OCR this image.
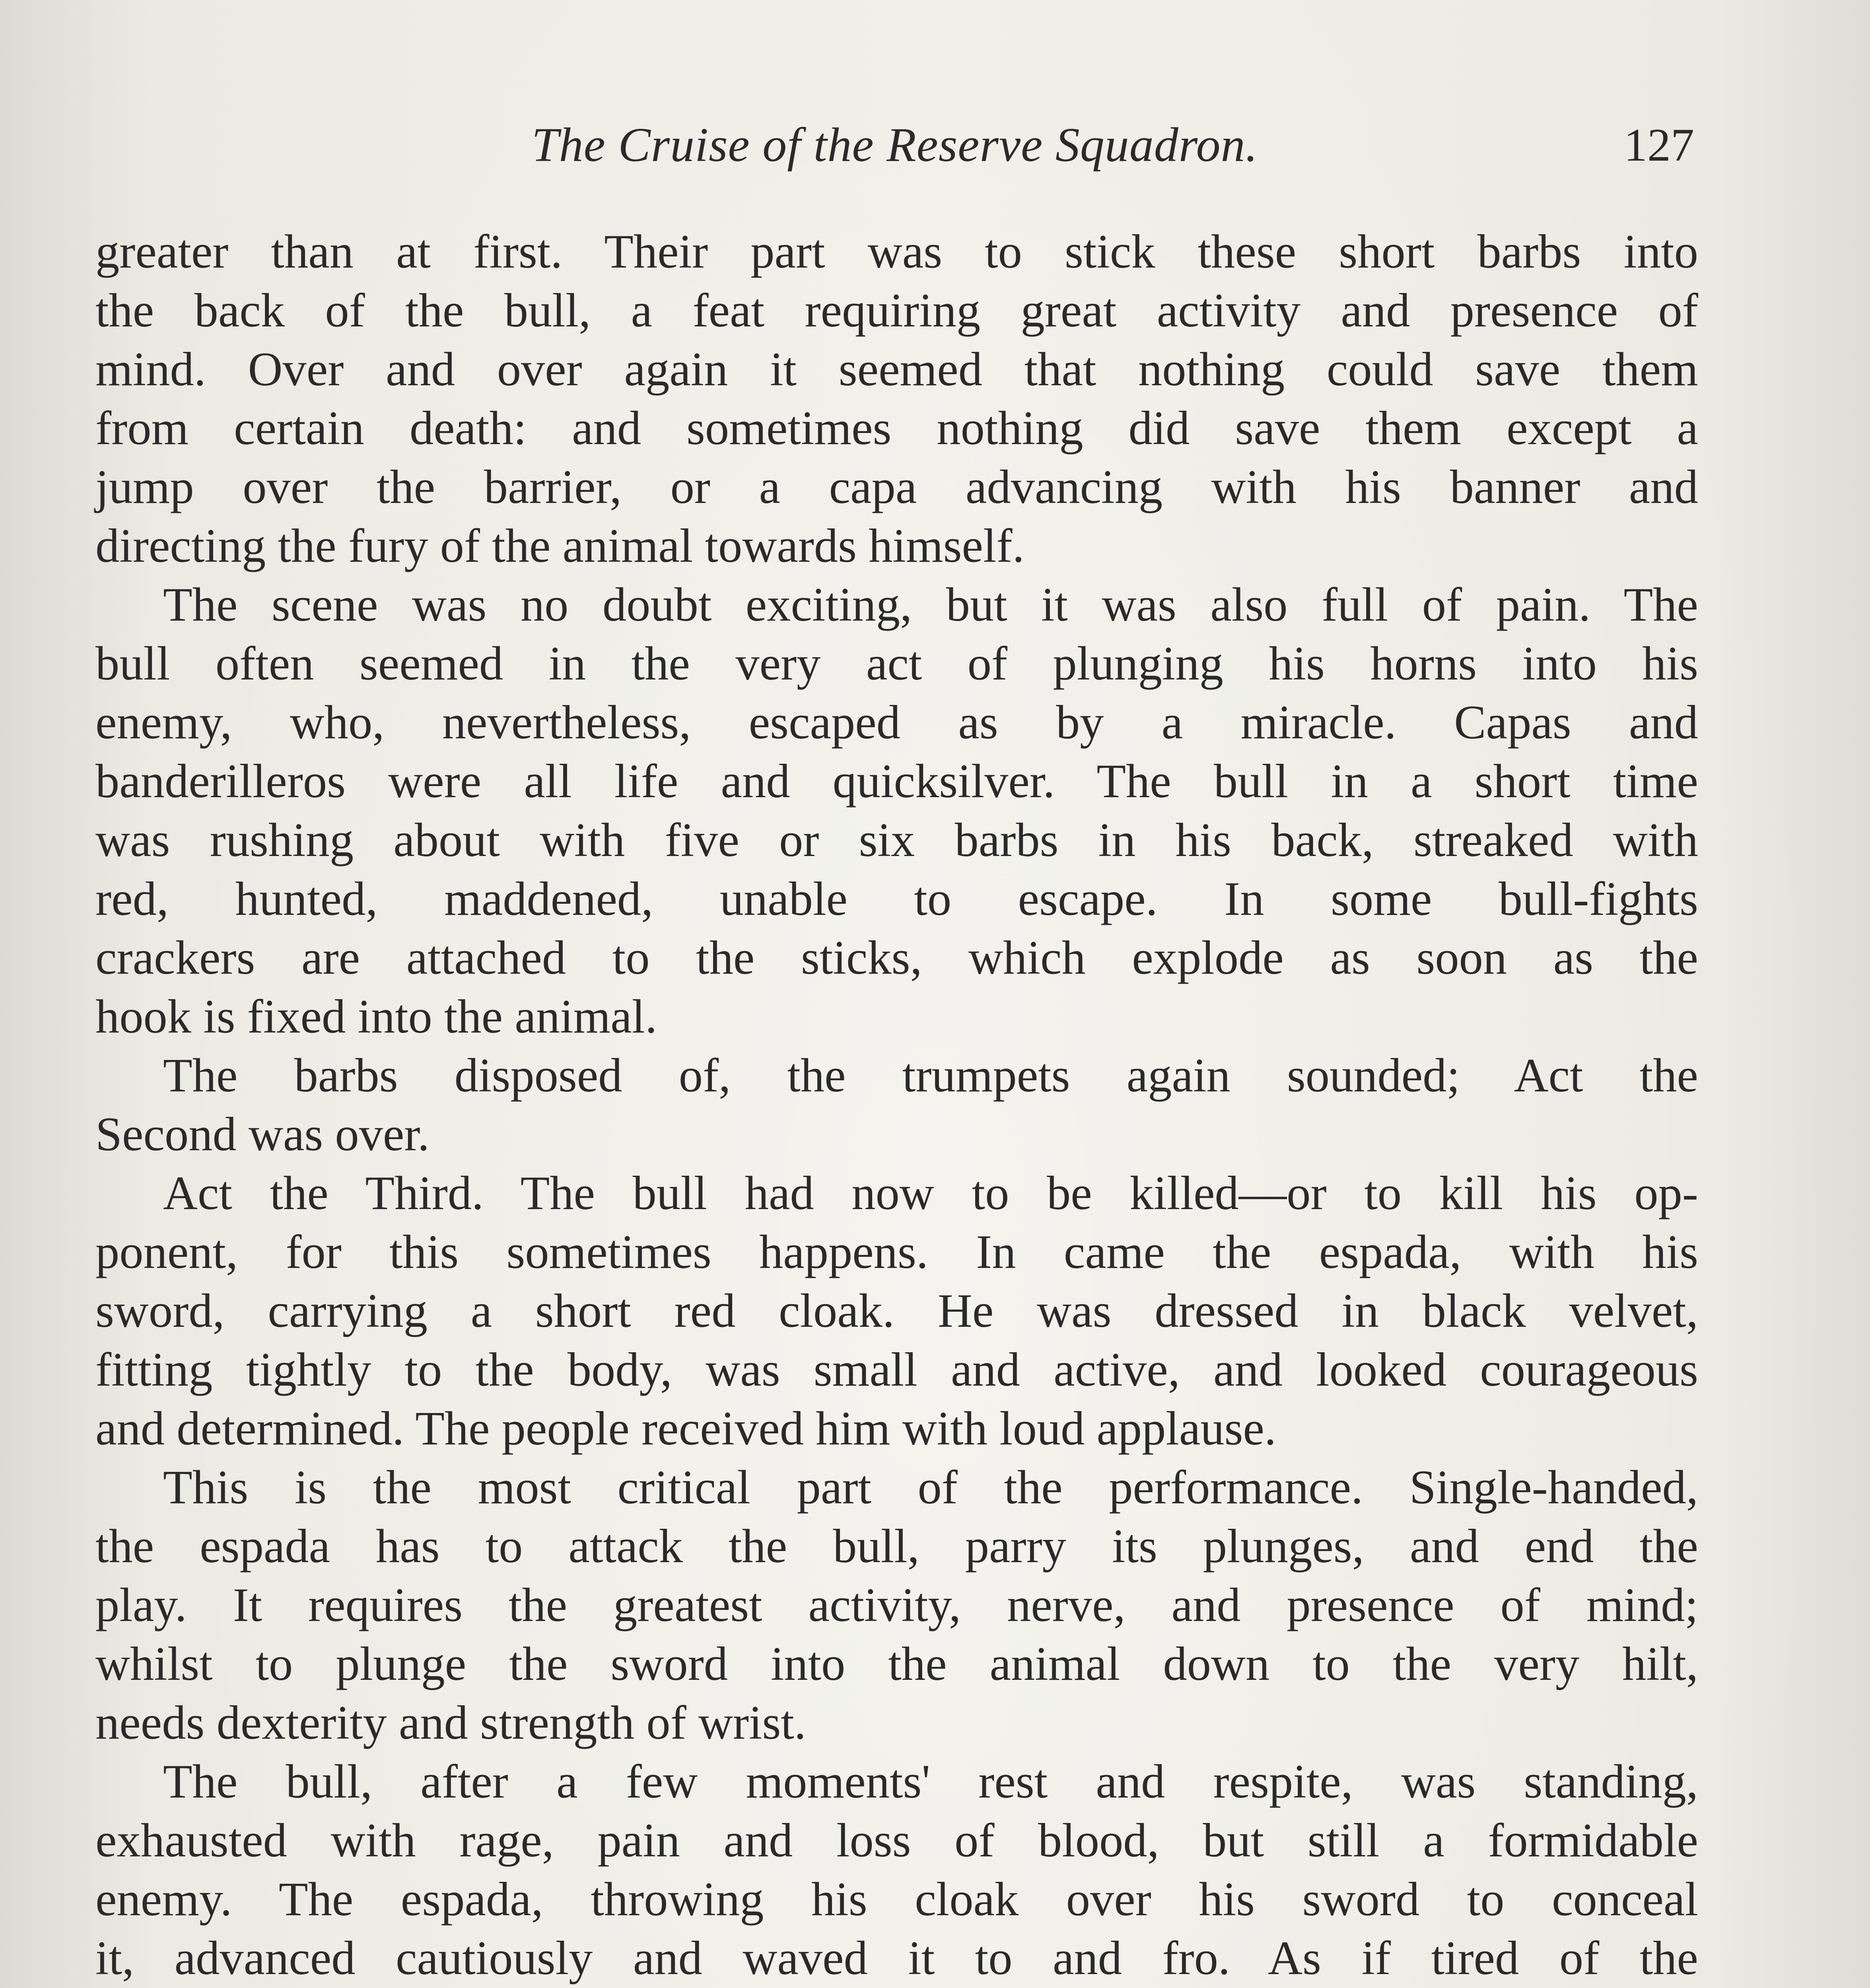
The Cruise of the Reserve Squadron.	127

greater than at first. Their part was to stick these short barbs into
the back of the bull, a feat requiring great activity and presence of
mind. Over and over again it seemed that nothing could save them
from certain death: and sometimes nothing did save them except a
jump over the barrier, or a capa advancing with his banner and
directing the fury of the animal towards himself.

The scene was no doubt exciting, but it was also full of pain. The
bull often seemed in the very act of plunging his horns into his
enemy, who, nevertheless, escaped as by a miracle. Capas and
banderilleros were all life and quicksilver. The bull in a short time
was rushing about with five or six barbs in his back, streaked with
red, hunted, maddened, unable to escape. In some bull-fights
crackers are attached to the sticks, which explode as soon as the
hook is fixed into the animal.

The barbs disposed of, the trumpets again sounded; Act the
Second was over.

Act the Third. The bull had now to be killed—or to kill his op-
ponent, for this sometimes happens. In came the espada, with his
sword, carrying a short red cloak. He was dressed in black velvet,
fitting tightly to the body, was small and active, and looked courageous
and determined. The people received him with loud applause.

This is the most critical part of the performance. Single-handed,
the espada has to attack the bull, parry its plunges, and end the
play. It requires the greatest activity, nerve, and presence of mind;
whilst to plunge the sword into the animal down to the very hilt,
needs dexterity and strength of wrist.

The bull, after a few moments' rest and respite, was standing,
exhausted with rage, pain and loss of blood, but still a formidable
enemy. The espada, throwing his cloak over his sword to conceal
it, advanced cautiously and waved it to and fro. As if tired of the
